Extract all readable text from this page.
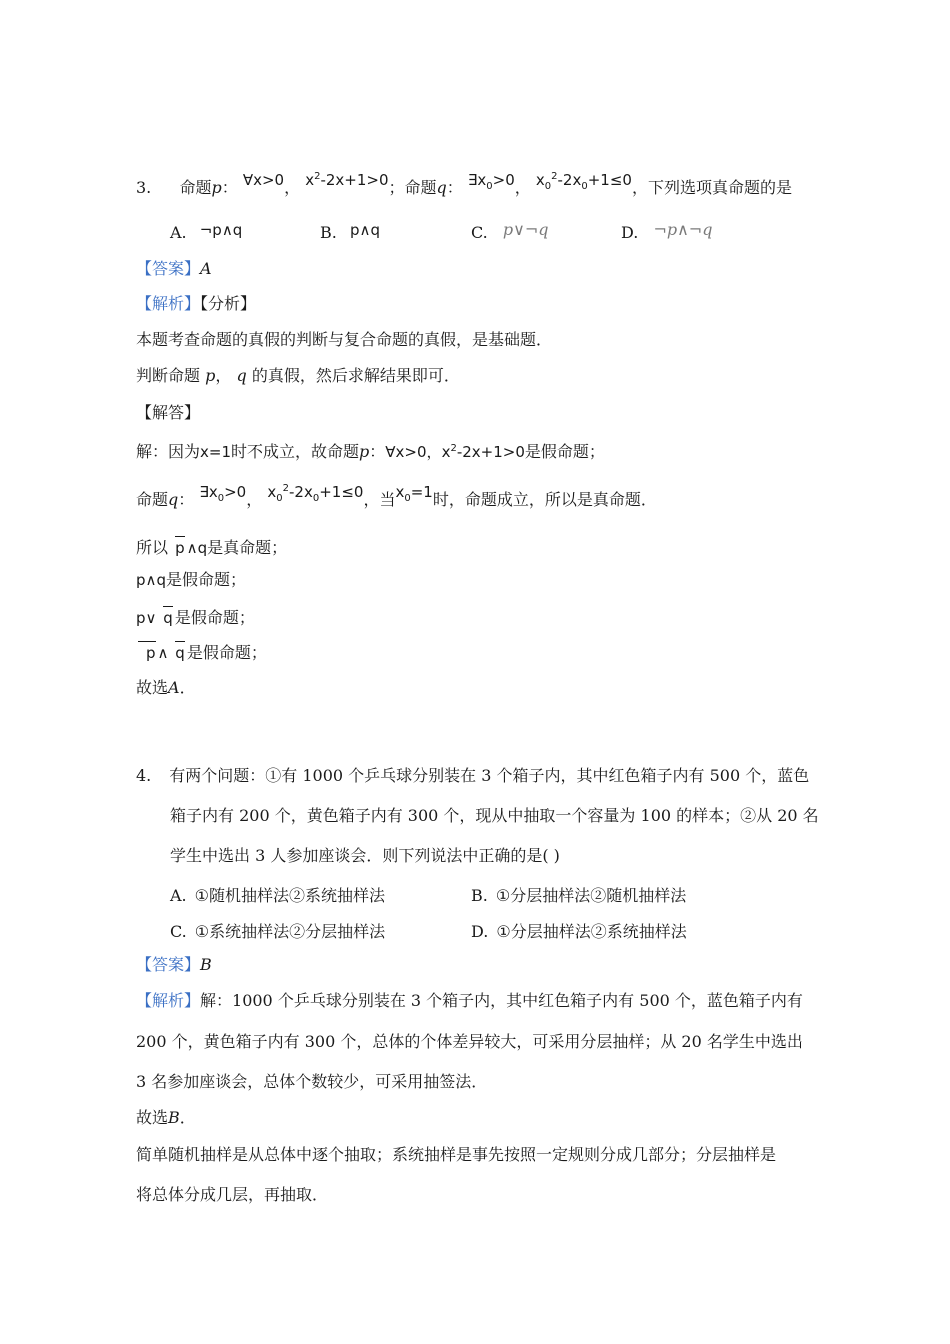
3. 命题p： ∀x>0， $x^2-2x+1>0$；命题q： $\exists x_0>0$， $x_0^2-2x_0+1\le 0$，下列选项真命题的是
A. ¬p∧q	B. p∧q	C. p∨¬q	D. ¬p∧¬q
【答案】A
【解析】【分析】
本题考查命题的真假的判断与复合命题的真假，是基础题．
判断命题 p， q 的真假，然后求解结果即可．
【解答】
解：因为x=1时不成立，故命题p：∀x>0，$x^2-2x+1>0$是假命题；
命题q： $\exists x_0>0$， $x_0^2-2x_0+1\le 0$，当$x_0=1$时，命题成立，所以是真命题．
所以 p ∧q是真命题；
p∧q是假命题；
p∨ q 是假命题；
p ∧ q 是假命题；
故选A．
4. 有两个问题：①有 1000 个乒乓球分别装在 3 个箱子内，其中红色箱子内有 500 个，蓝色
箱子内有 200 个，黄色箱子内有 300 个，现从中抽取一个容量为 100 的样本；②从 20 名
学生中选出 3 人参加座谈会．则下列说法中正确的是( )
A. ①随机抽样法②系统抽样法	B. ①分层抽样法②随机抽样法
C. ①系统抽样法②分层抽样法	D. ①分层抽样法②系统抽样法
【答案】B
【解析】解：1000 个乒乓球分别装在 3 个箱子内，其中红色箱子内有 500 个，蓝色箱子内有
200 个，黄色箱子内有 300 个，总体的个体差异较大，可采用分层抽样；从 20 名学生中选出
3 名参加座谈会，总体个数较少，可采用抽签法．
故选B．
简单随机抽样是从总体中逐个抽取；系统抽样是事先按照一定规则分成几部分；分层抽样是
将总体分成几层，再抽取．
